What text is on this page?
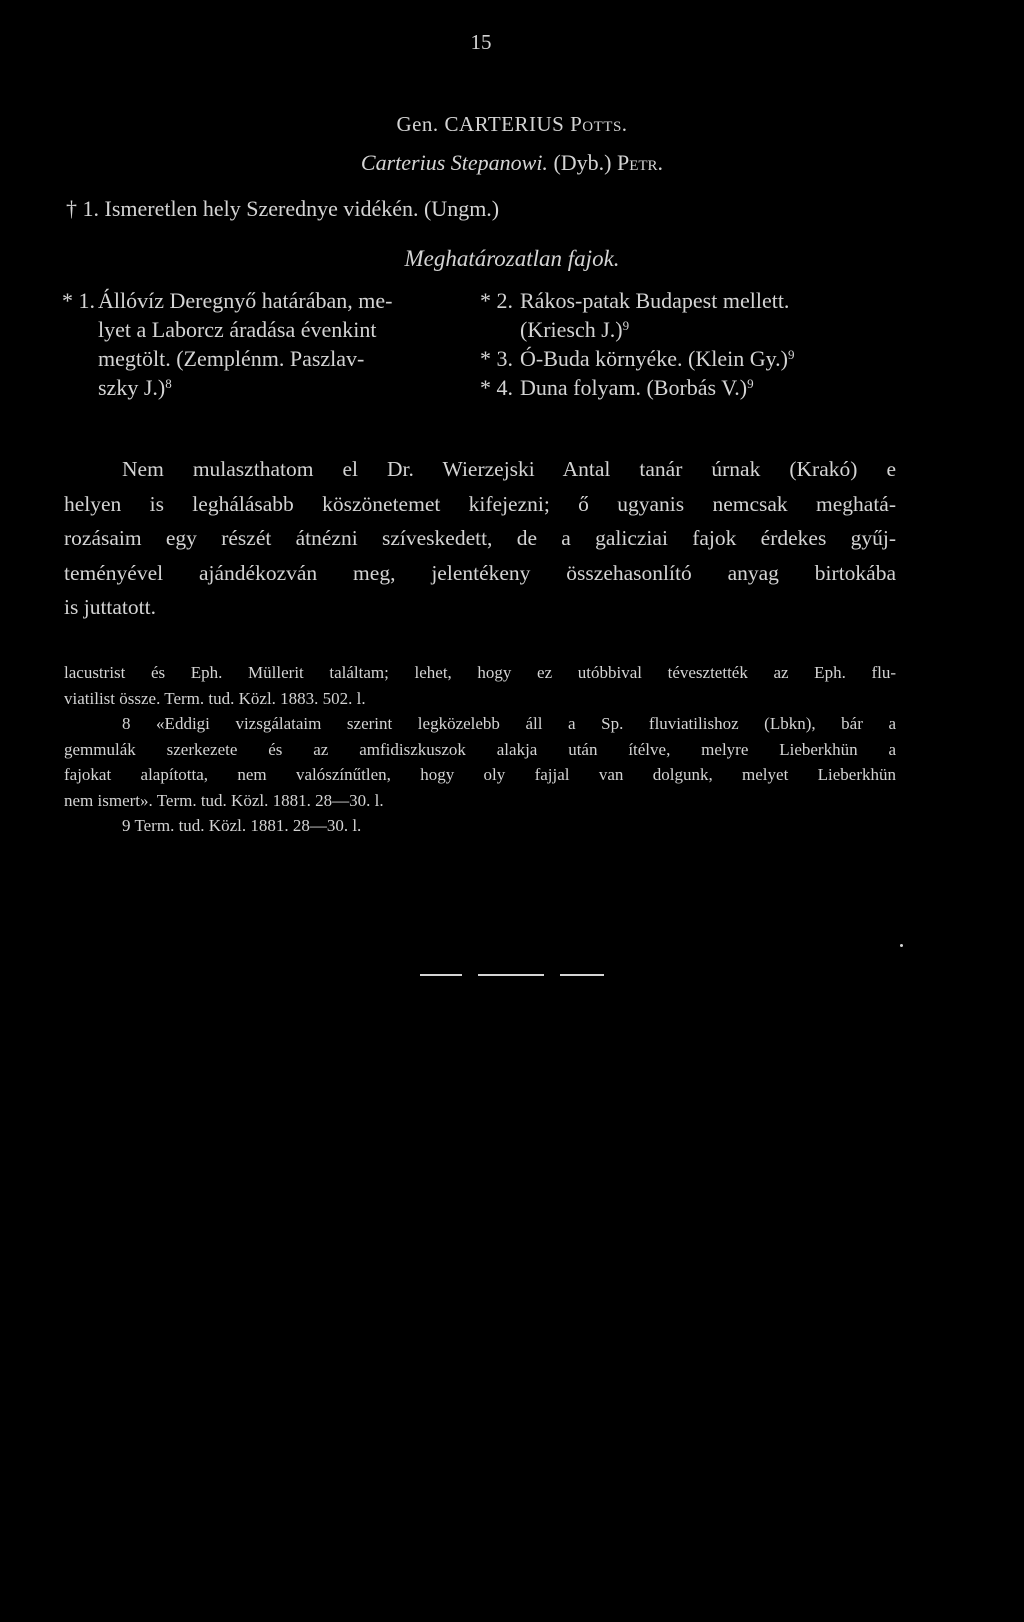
15
Gen. CARTERIUS Potts.
Carterius Stepanowi. (Dyb.) Petr.
† 1. Ismeretlen hely Szerednye vidékén. (Ungm.)
Meghatározatlan fajok.
* 1. Állóvíz Deregnyő határában, me-
lyet a Laborcz áradása évenkint
megtölt. (Zemplénm. Paszlav-
szky J.)$^8$
* 2. Rákos-patak Budapest mellett.
(Kriesch J.)$^9$
* 3. Ó-Buda környéke. (Klein Gy.)$^9$
* 4. Duna folyam. (Borbás V.)$^9$
Nem mulaszthatom el Dr. Wierzejski Antal tanár úrnak (Krakó) e
helyen is leghálásabb köszönetemet kifejezni; ő ugyanis nemcsak meghatá-
rozásaim egy részét átnézni szíveskedett, de a galicziai fajok érdekes gyűj-
teményével ajándékozván meg, jelentékeny összehasonlító anyag birtokába
is juttatott.
lacustrist és Eph. Müllerit találtam; lehet, hogy ez utóbbival tévesztették az Eph. flu-
viatilist össze. Term. tud. Közl. 1883. 502. l.
8 «Eddigi vizsgálataim szerint legközelebb áll a Sp. fluviatilishoz (Lbkn), bár a
gemmulák szerkezete és az amfidiszkuszok alakja után ítélve, melyre Lieberkhün a
fajokat alapította, nem valószínűtlen, hogy oly fajjal van dolgunk, melyet Lieberkhün
nem ismert». Term. tud. Közl. 1881. 28—30. l.
9 Term. tud. Közl. 1881. 28—30. l.
